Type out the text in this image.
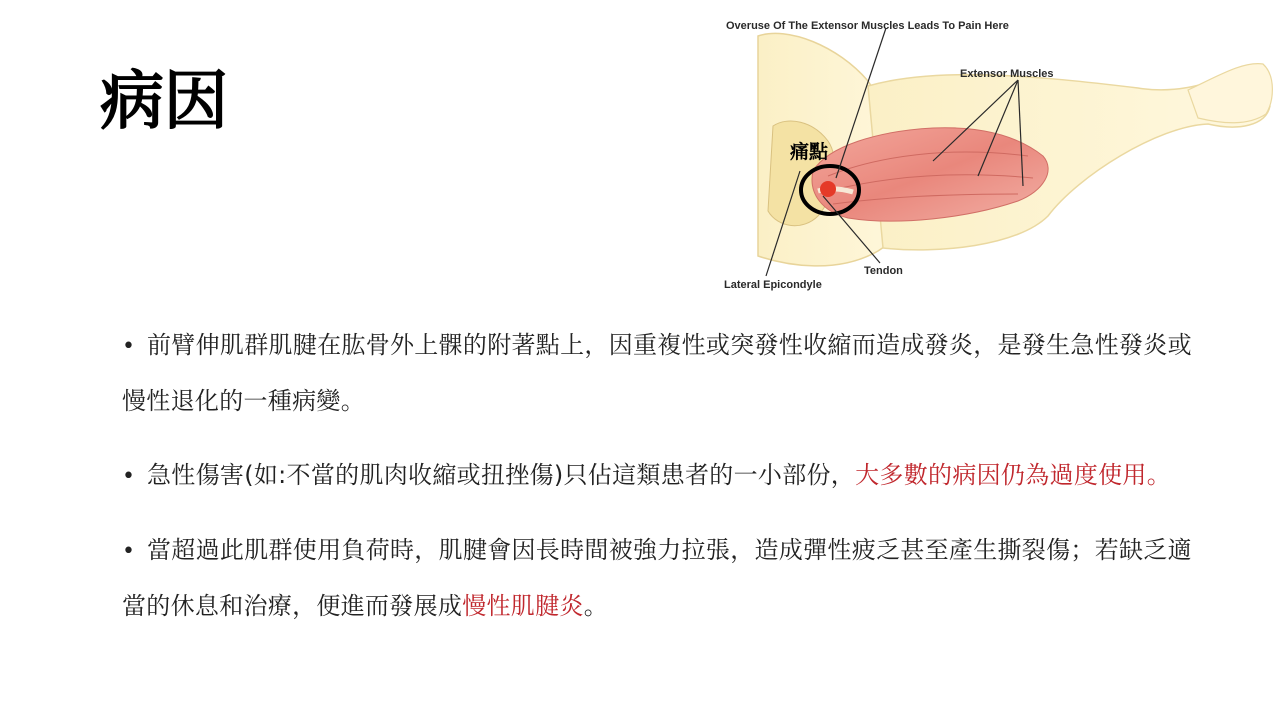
病因
Overuse Of The Extensor Muscles Leads To Pain Here
Extensor Muscles
痛點
Tendon
Lateral Epicondyle
• 前臂伸肌群肌腱在肱骨外上髁的附著點上，因重複性或突發性收縮而造成發炎，是發生急性發炎或慢性退化的一種病變。
• 急性傷害(如:不當的肌肉收縮或扭挫傷)只佔這類患者的一小部份，大多數的病因仍為過度使用。
• 當超過此肌群使用負荷時，肌腱會因長時間被強力拉張，造成彈性疲乏甚至產生撕裂傷；若缺乏適當的休息和治療，便進而發展成慢性肌腱炎。
